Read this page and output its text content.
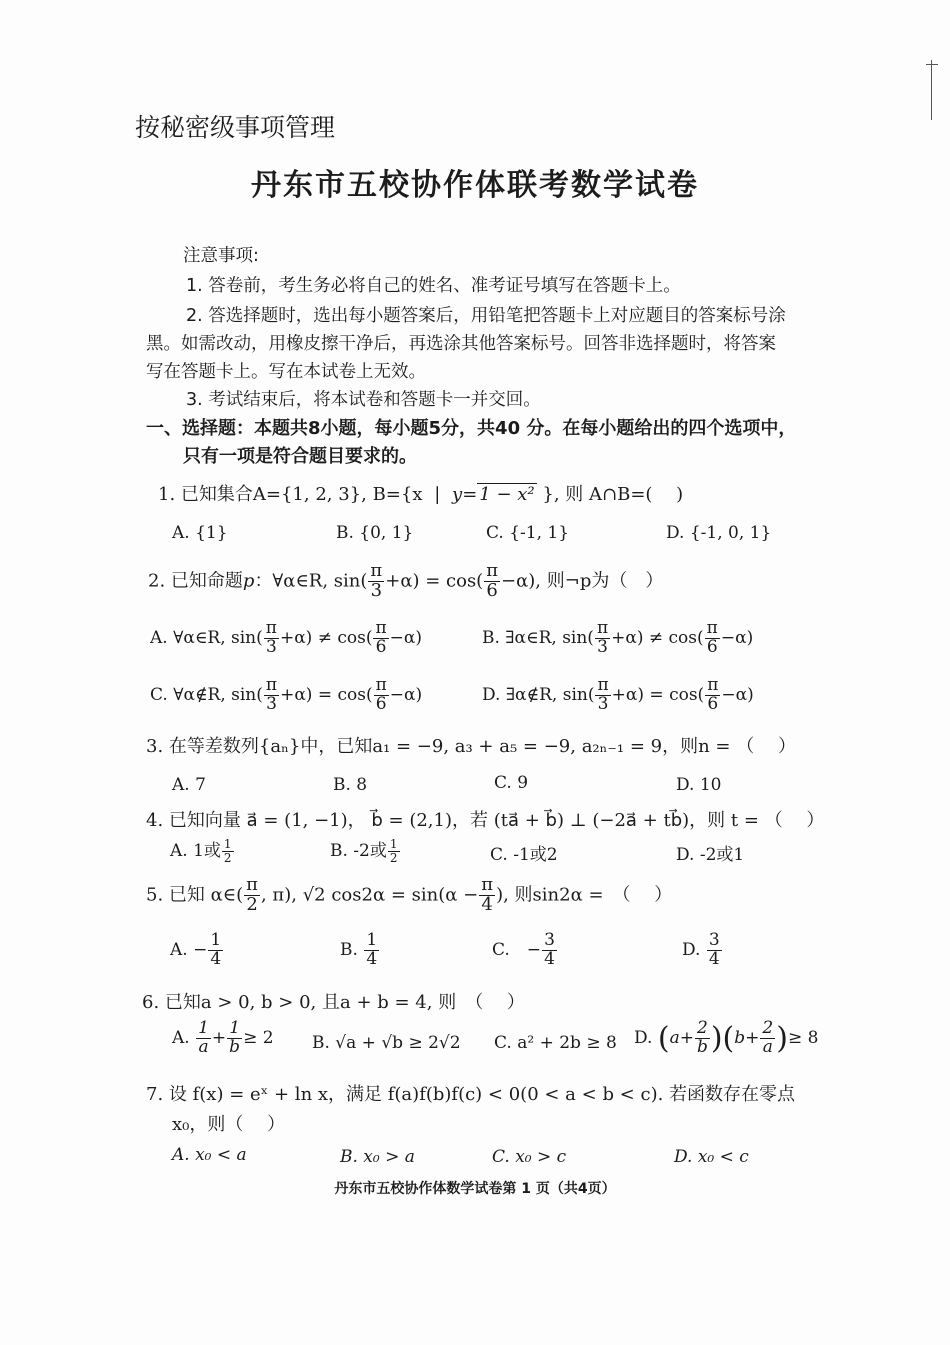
按秘密级事项管理
丹东市五校协作体联考数学试卷
注意事项:
1. 答卷前，考生务必将自己的姓名、准考证号填写在答题卡上。
2. 答选择题时，选出每小题答案后，用铅笔把答题卡上对应题目的答案标号涂
黑。如需改动，用橡皮擦干净后，再选涂其他答案标号。回答非选择题时，将答案
写在答题卡上。写在本试卷上无效。
3. 考试结束后，将本试卷和答题卡一并交回。
一、选择题：本题共8小题，每小题5分，共40 分。在每小题给出的四个选项中，
只有一项是符合题目要求的。
1. 已知集合A={1, 2, 3}, B={x | y= 1 − x² }, 则 A∩B=(　 )
A. {1}	B. {0, 1}	C. {-1, 1}	D. {-1, 0, 1}
2. 已知命题p：∀α∈R, $\sin( \frac{\pi}{3} +\alpha) = \cos( \frac{\pi}{6} -\alpha)$, 则¬p为（　）
A. ∀α∈R, $\sin( \frac{\pi}{3} +\alpha) \ne \cos( \frac{\pi}{6} -\alpha)$	B. ∃α∈R, $\sin( \frac{\pi}{3} +\alpha) \ne \cos( \frac{\pi}{6} -\alpha)$
C. ∀α∉R, $\sin( \frac{\pi}{3} +\alpha) = \cos( \frac{\pi}{6} -\alpha)$	D. ∃α∉R, $\sin( \frac{\pi}{3} +\alpha) = \cos( \frac{\pi}{6} -\alpha)$
3. 在等差数列{aₙ}中，已知a₁ = −9, a₃ + a₅ = −9, a₂ₙ₋₁ = 9，则n = （　 ）
A. 7	B. 8	C. 9	D. 10
4. 已知向量 a⃗ = (1, −1)， b⃗ = (2,1)，若 (ta⃗ + b⃗) ⊥ (−2a⃗ + tb⃗)，则 t = （　 ）
A. 1或 $\frac{1}{2}$	B. -2或 $\frac{1}{2}$	C. -1或2	D. -2或1
5. 已知 α∈( $\frac{\pi}{2}$ , π), √2 $\cos 2\alpha = \sin(\alpha - \frac{\pi}{4}$ ), 则sin2α =　（　 ）
A. − $\frac{1}{4}$	B. $\frac{1}{4}$	C.　− $\frac{3}{4}$	D. $\frac{3}{4}$
6. 已知a > 0, b > 0, 且a + b = 4, 则　（　 ）
A. $\frac{1}{a} + \frac{1}{b} \ge 2$ B. √a + √b ≥ 2√2 C. a² + 2b ≥ 8 D. $(a+ \frac{2}{b} )(b+ \frac{2}{a}$ )≥ 8
7. 设 f(x) = eˣ + ln x，满足 f(a)f(b)f(c) < 0(0 < a < b < c). 若函数存在零点
x₀，则（　 ）
A. x₀ < a	B. x₀ > a	C. x₀ > c	D. x₀ < c
丹东市五校协作体数学试卷第 1 页（共4页）
